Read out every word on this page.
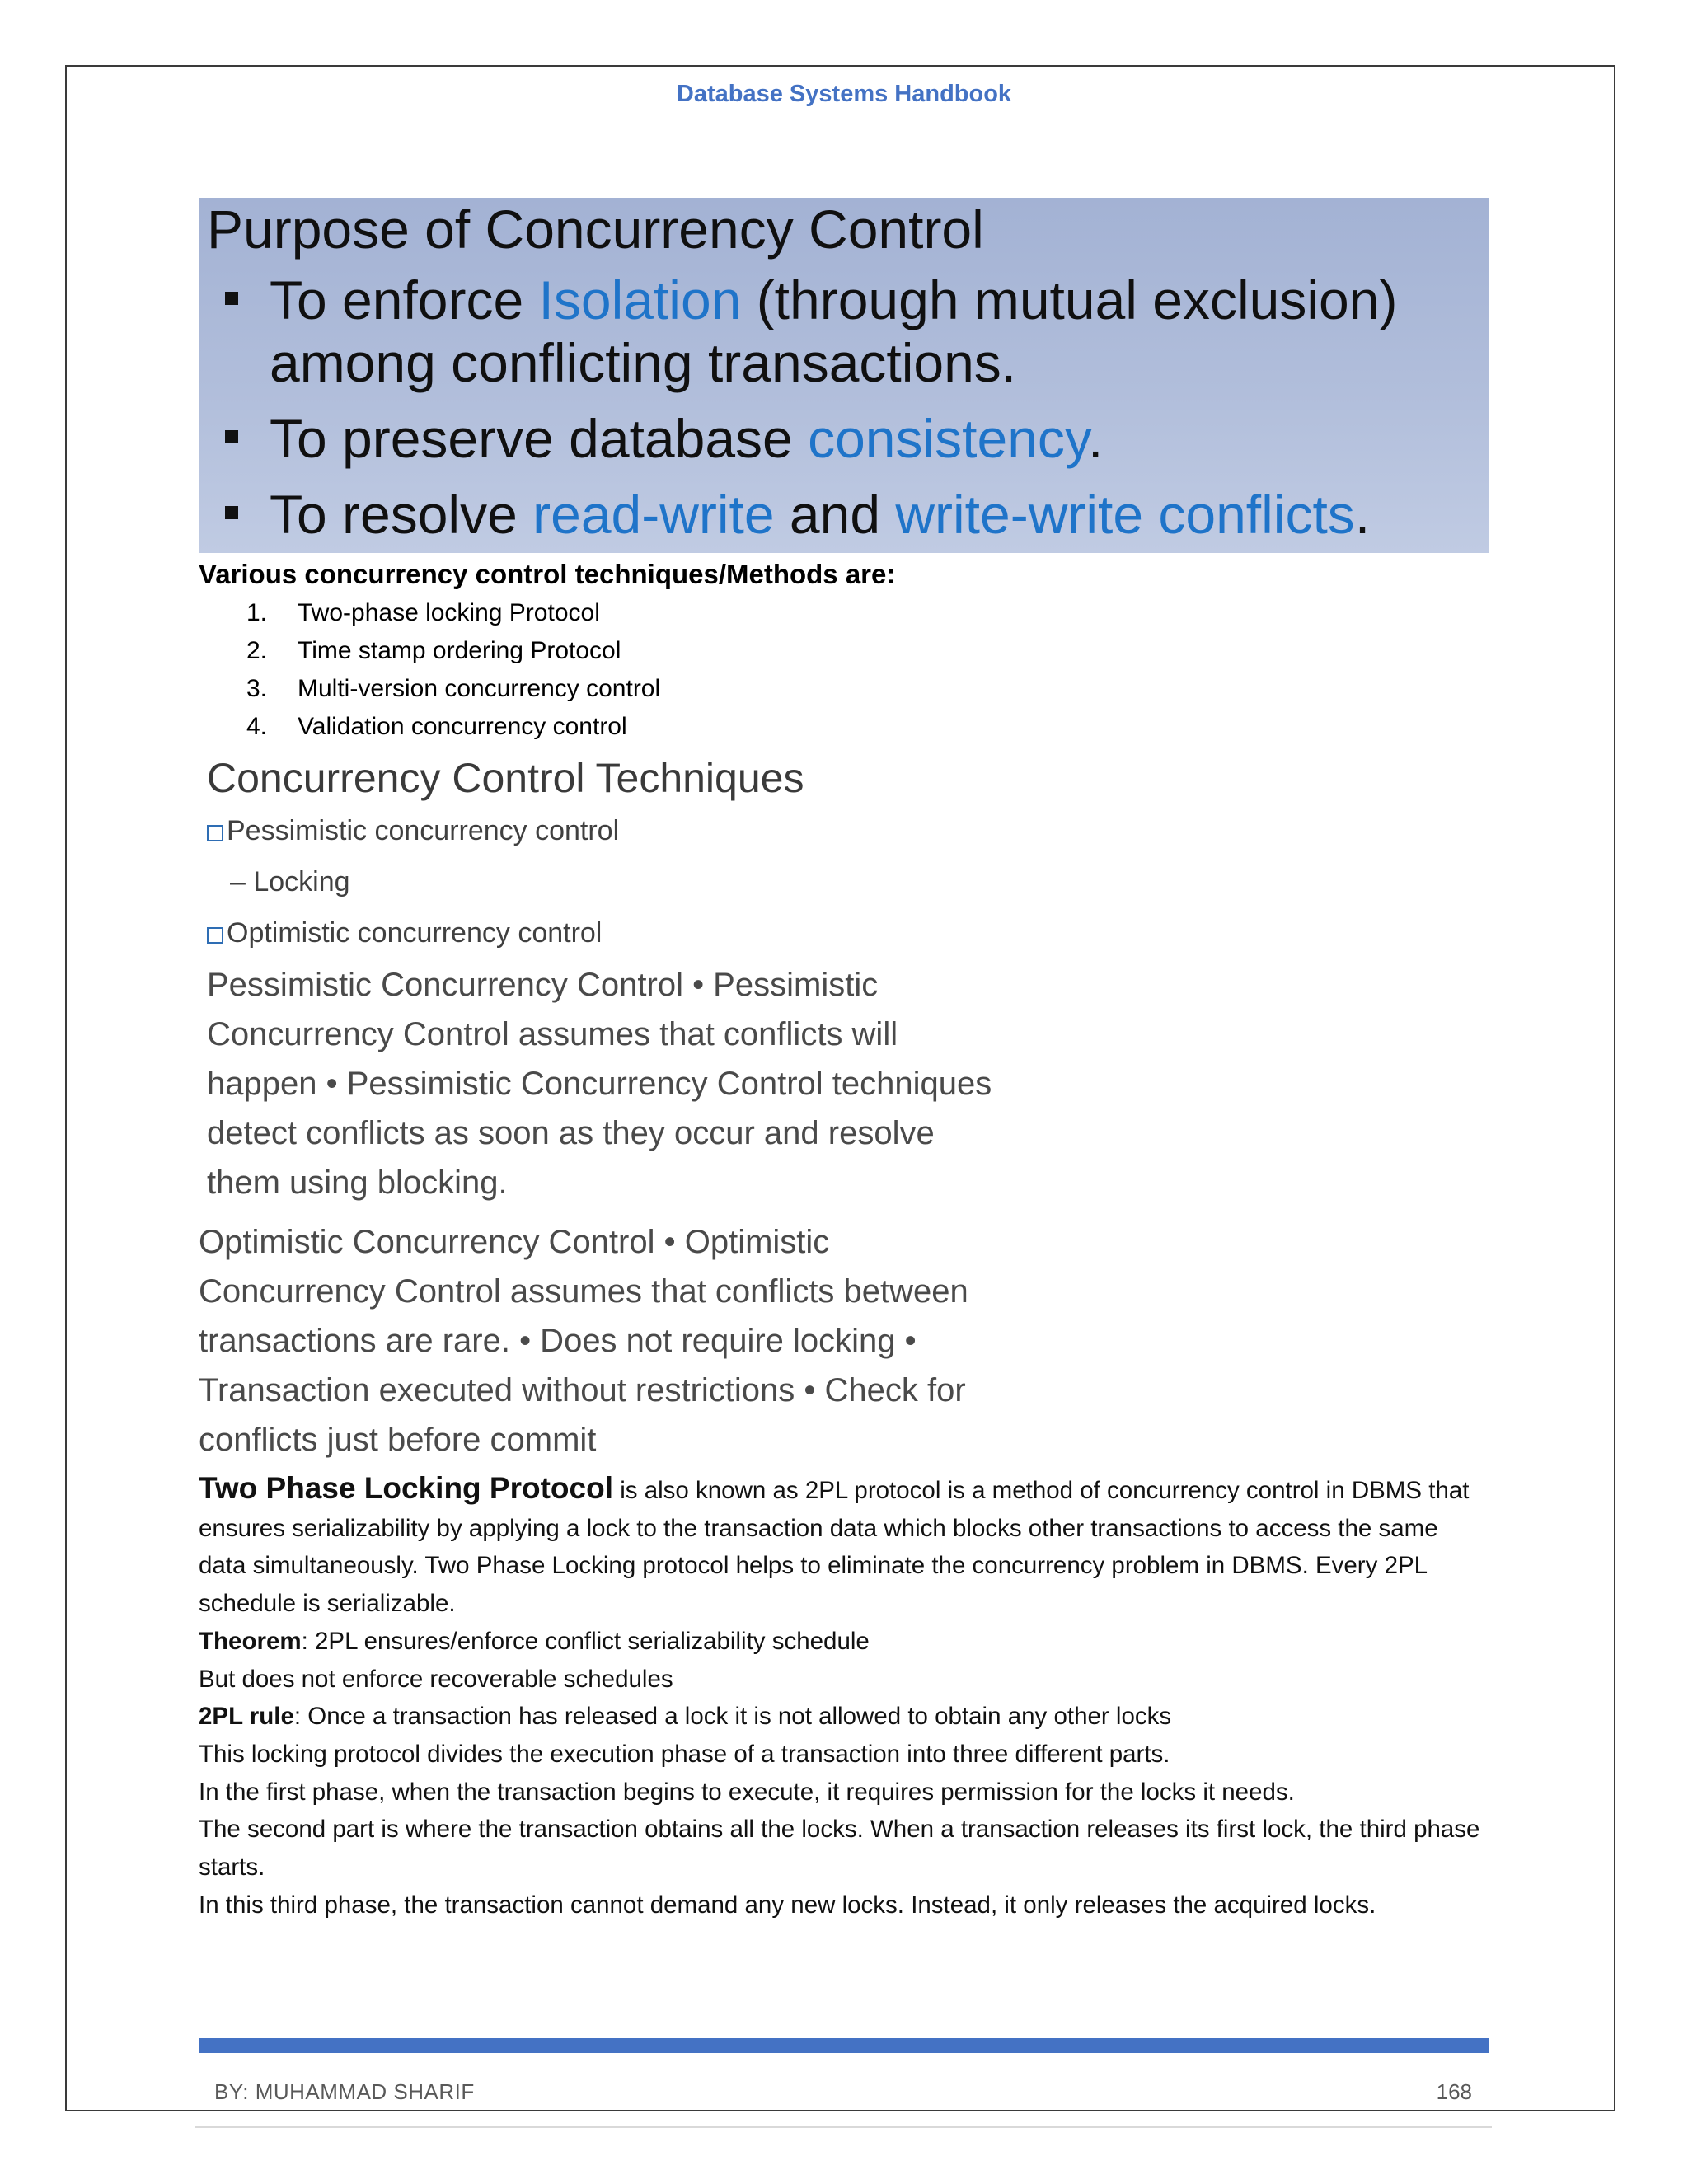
Database Systems Handbook
Purpose of Concurrency Control
To enforce Isolation (through mutual exclusion)
among conflicting transactions.
To preserve database consistency.
To resolve read-write and write-write conflicts.
Various concurrency control techniques/Methods are:
1. Two-phase locking Protocol
2. Time stamp ordering Protocol
3. Multi-version concurrency control
4. Validation concurrency control
Concurrency Control Techniques
Pessimistic concurrency control
– Locking
Optimistic concurrency control
Pessimistic Concurrency Control • Pessimistic
Concurrency Control assumes that conflicts will
happen • Pessimistic Concurrency Control techniques
detect conflicts as soon as they occur and resolve
them using blocking.
Optimistic Concurrency Control • Optimistic
Concurrency Control assumes that conflicts between
transactions are rare. • Does not require locking •
Transaction executed without restrictions • Check for
conflicts just before commit

Two Phase Locking Protocol is also known as 2PL protocol is a method of concurrency control in DBMS that ensures serializability by applying a lock to the transaction data which blocks other transactions to access the same data simultaneously. Two Phase Locking protocol helps to eliminate the concurrency problem in DBMS. Every 2PL schedule is serializable.

Theorem: 2PL ensures/enforce conflict serializability schedule

But does not enforce recoverable schedules

2PL rule: Once a transaction has released a lock it is not allowed to obtain any other locks

This locking protocol divides the execution phase of a transaction into three different parts.

In the first phase, when the transaction begins to execute, it requires permission for the locks it needs.

The second part is where the transaction obtains all the locks. When a transaction releases its first lock, the third phase starts.

In this third phase, the transaction cannot demand any new locks. Instead, it only releases the acquired locks.

BY: MUHAMMAD SHARIF	168
